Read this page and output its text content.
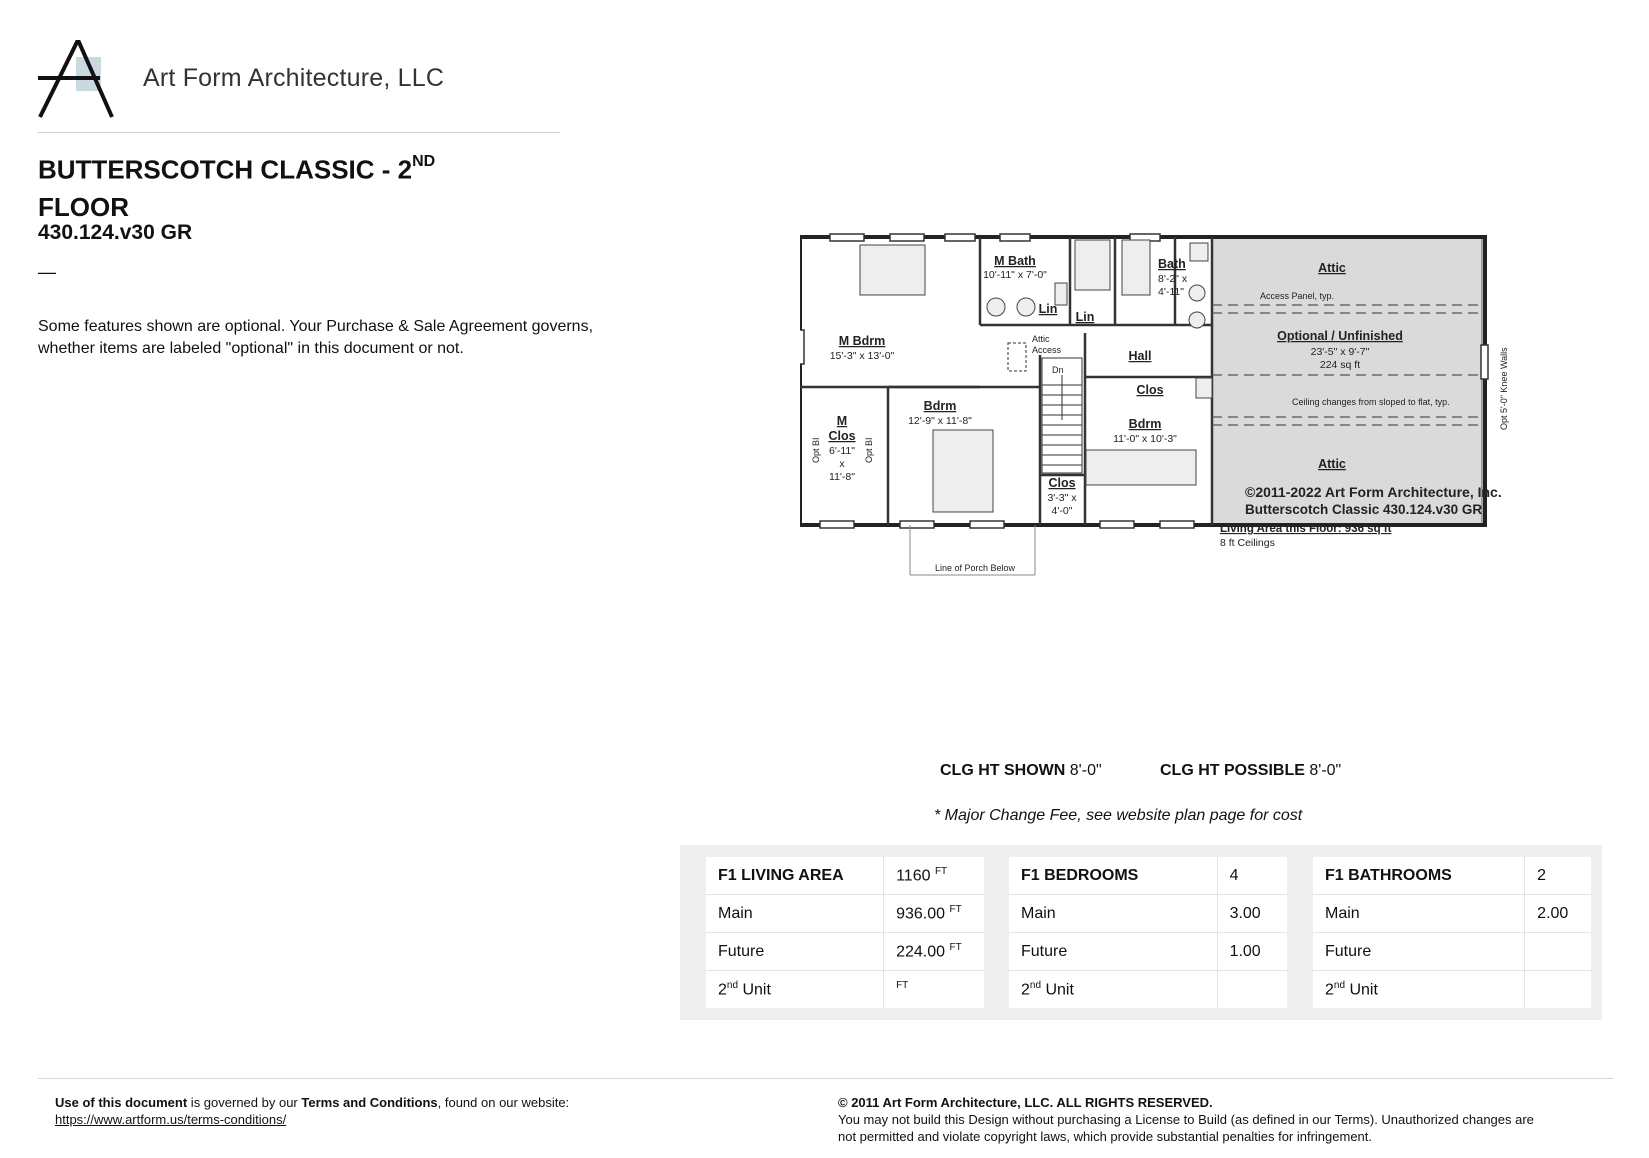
Art Form Architecture, LLC
BUTTERSCOTCH CLASSIC - 2ND
FLOOR
430.124.v30 GR
—
Some features shown are optional. Your Purchase & Sale Agreement governs, whether items are labeled "optional" in this document or not.
M Bath
10'-11" x 7'-0"
Bath
8'-2" x
4'-11"
Attic
Access Panel, typ.
Lin
Lin
Optional / Unfinished
23'-5" x 9'-7"
224 sq ft	Opt 5'-0" Knee Walls
M Bdrm
15'-3" x 13'-0"
Attic
Access
Dn
Hall
Ceiling changes from sloped to flat, typ.
Clos
M
Clos
6'-11"
x
11'-8"
Opt BI	Opt BI
Bdrm
12'-9" x 11'-8"	Bdrm
11'-0" x 10'-3"
Clos
3'-3" x
4'-0"
Attic
Line of Porch Below
©2011-2022 Art Form Architecture, Inc.
Butterscotch Classic 430.124.v30 GR
Living Area this Floor: 936 sq ft
8 ft Ceilings
CLG HT SHOWN 8'-0"	CLG HT POSSIBLE 8'-0"
* Major Change Fee, see website plan page for cost
F1 LIVING AREA	1160 $^{FT}$
Main	936.00 $^{FT}$
Future	224.00 $^{FT}$
2nd Unit	$^{FT}$
F1 BEDROOMS	4
Main	3.00
Future	1.00
2nd Unit	
F1 BATHROOMS	2
Main	2.00
Future	
2nd Unit	
Use of this document is governed by our Terms and Conditions, found on our website:
https://www.artform.us/terms-conditions/
© 2011 Art Form Architecture, LLC. ALL RIGHTS RESERVED.
You may not build this Design without purchasing a License to Build (as defined in our Terms). Unauthorized changes are
not permitted and violate copyright laws, which provide substantial penalties for infringement.
